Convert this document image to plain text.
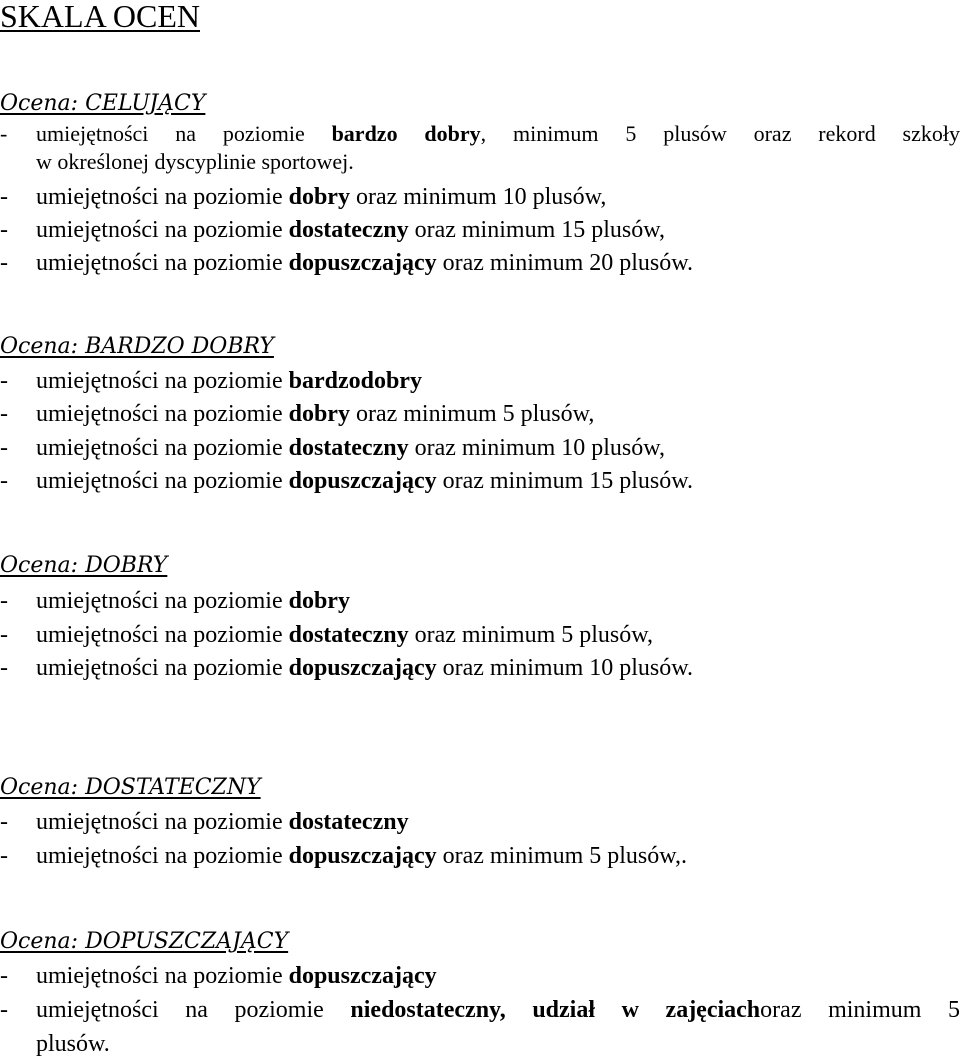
SKALA OCEN
Ocena: CELUJĄCY
- umiejętności na poziomie bardzo dobry, minimum 5 plusów oraz rekord szkoły
w określonej dyscyplinie sportowej.
- umiejętności na poziomie dobry oraz minimum 10 plusów,
- umiejętności na poziomie dostateczny oraz minimum 15 plusów,
- umiejętności na poziomie dopuszczający oraz minimum 20 plusów.
Ocena: BARDZO DOBRY
- umiejętności na poziomie bardzodobry
- umiejętności na poziomie dobry oraz minimum 5 plusów,
- umiejętności na poziomie dostateczny oraz minimum 10 plusów,
- umiejętności na poziomie dopuszczający oraz minimum 15 plusów.
Ocena: DOBRY
- umiejętności na poziomie dobry
- umiejętności na poziomie dostateczny oraz minimum 5 plusów,
- umiejętności na poziomie dopuszczający oraz minimum 10 plusów.
Ocena: DOSTATECZNY
- umiejętności na poziomie dostateczny
- umiejętności na poziomie dopuszczający oraz minimum 5 plusów,.
Ocena: DOPUSZCZAJĄCY
- umiejętności na poziomie dopuszczający
- umiejętności na poziomie niedostateczny, udział w zajęciachoraz minimum 5
plusów.
